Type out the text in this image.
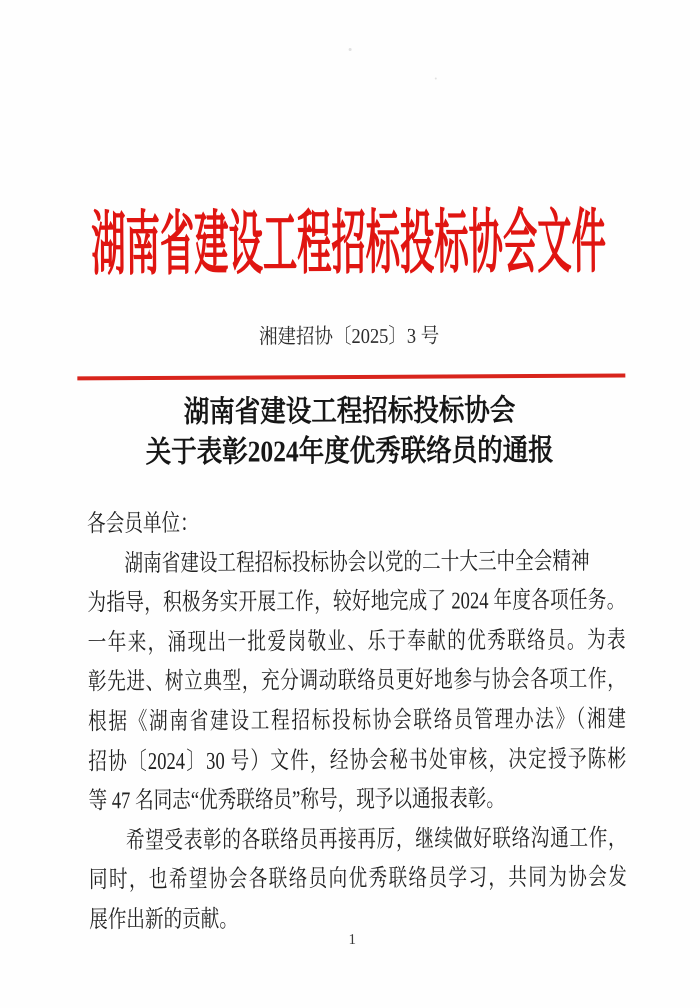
湖南省建设工程招标投标协会文件
湘建招协〔2025〕3 号
湖南省建设工程招标投标协会
关于表彰2024年度优秀联络员的通报
各会员单位：
湖南省建设工程招标投标协会以党的二十大三中全会精神
为指导，积极务实开展工作，较好地完成了 2024 年度各项任务。
一年来，涌现出一批爱岗敬业、乐于奉献的优秀联络员。为表
彰先进、树立典型，充分调动联络员更好地参与协会各项工作，
根据《湖南省建设工程招标投标协会联络员管理办法》（湘建
招协〔2024〕30 号）文件，经协会秘书处审核，决定授予陈彬
等 47 名同志“优秀联络员”称号，现予以通报表彰。
希望受表彰的各联络员再接再厉，继续做好联络沟通工作，
同时，也希望协会各联络员向优秀联络员学习，共同为协会发
展作出新的贡献。
1
